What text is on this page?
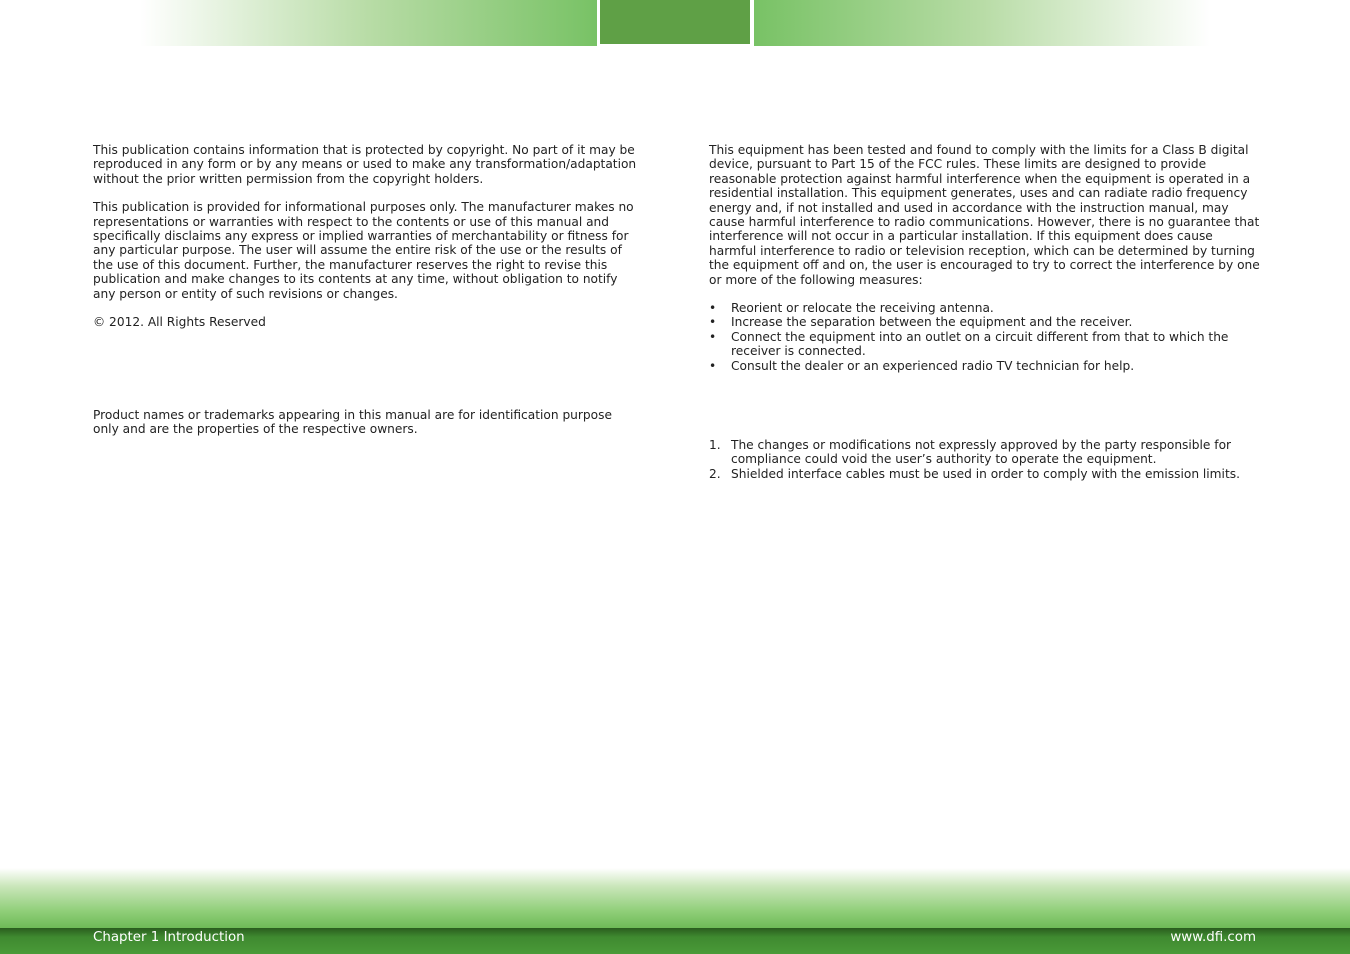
This publication contains information that is protected by copyright. No part of it may be reproduced in any form or by any means or used to make any transformation/adaptation without the prior written permission from the copyright holders.

This publication is provided for informational purposes only. The manufacturer makes no representations or warranties with respect to the contents or use of this manual and specifically disclaims any express or implied warranties of merchantability or fitness for any particular purpose. The user will assume the entire risk of the use or the results of the use of this document. Further, the manufacturer reserves the right to revise this publication and make changes to its contents at any time, without obligation to notify any person or entity of such revisions or changes.

© 2012. All Rights Reserved

Product names or trademarks appearing in this manual are for identification purpose only and are the properties of the respective owners.

This equipment has been tested and found to comply with the limits for a Class B digital device, pursuant to Part 15 of the FCC rules. These limits are designed to provide reasonable protection against harmful interference when the equipment is operated in a residential installation. This equipment generates, uses and can radiate radio frequency energy and, if not installed and used in accordance with the instruction manual, may cause harmful interference to radio communications. However, there is no guarantee that interference will not occur in a particular installation. If this equipment does cause harmful interference to radio or television reception, which can be determined by turning the equipment off and on, the user is encouraged to try to correct the interference by one or more of the following measures:

• Reorient or relocate the receiving antenna.
• Increase the separation between the equipment and the receiver.
• Connect the equipment into an outlet on a circuit different from that to which the receiver is connected.
• Consult the dealer or an experienced radio TV technician for help.
1. The changes or modifications not expressly approved by the party responsible for compliance could void the user’s authority to operate the equipment.
2. Shielded interface cables must be used in order to comply with the emission limits.
Chapter 1 Introduction	www.dfi.com
